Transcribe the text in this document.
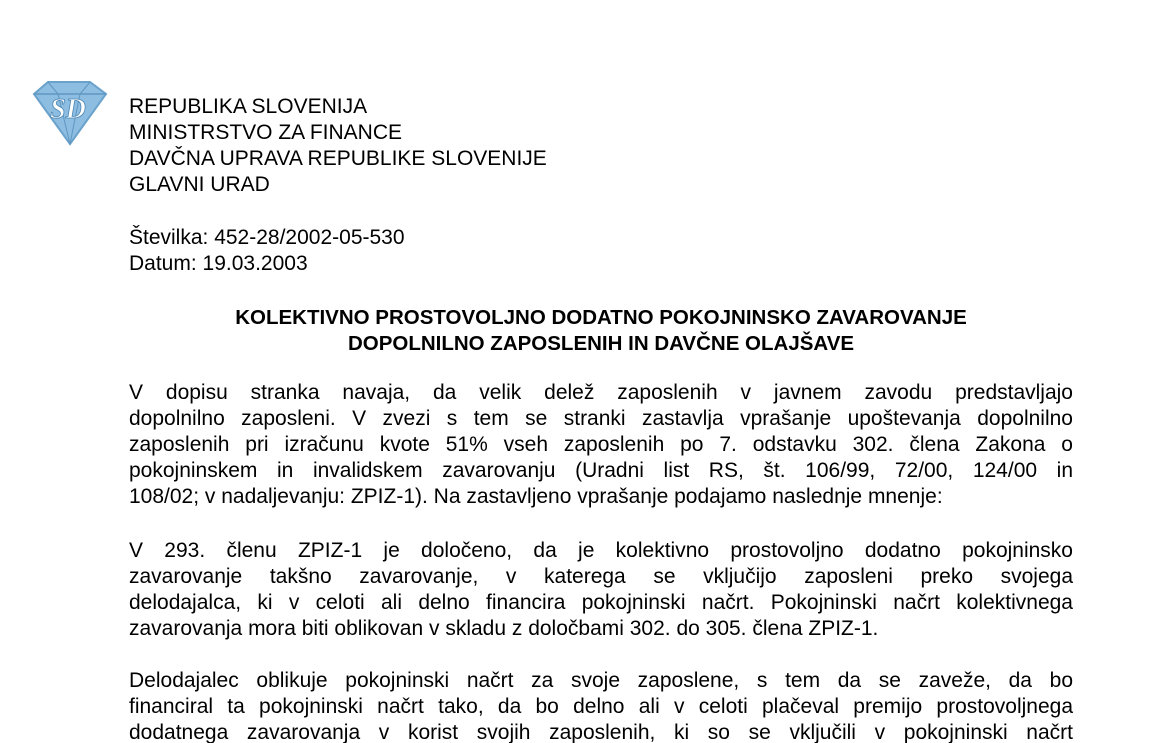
SD REPUBLIKA SLOVENIJA
MINISTRSTVO ZA FINANCE
DAVČNA UPRAVA REPUBLIKE SLOVENIJE
GLAVNI URAD
Številka: 452-28/2002-05-530
Datum: 19.03.2003
KOLEKTIVNO PROSTOVOLJNO DODATNO POKOJNINSKO ZAVAROVANJE
DOPOLNILNO ZAPOSLENIH IN DAVČNE OLAJŠAVE
V dopisu stranka navaja, da velik delež zaposlenih v javnem zavodu predstavljajo
dopolnilno zaposleni. V zvezi s tem se stranki zastavlja vprašanje upoštevanja dopolnilno
zaposlenih pri izračunu kvote 51% vseh zaposlenih po 7. odstavku 302. člena Zakona o
pokojninskem in invalidskem zavarovanju (Uradni list RS, št. 106/99, 72/00, 124/00 in
108/02; v nadaljevanju: ZPIZ-1). Na zastavljeno vprašanje podajamo naslednje mnenje:
V 293. členu ZPIZ-1 je določeno, da je kolektivno prostovoljno dodatno pokojninsko
zavarovanje takšno zavarovanje, v katerega se vključijo zaposleni preko svojega
delodajalca, ki v celoti ali delno financira pokojninski načrt. Pokojninski načrt kolektivnega
zavarovanja mora biti oblikovan v skladu z določbami 302. do 305. člena ZPIZ-1.
Delodajalec oblikuje pokojninski načrt za svoje zaposlene, s tem da se zaveže, da bo
financiral ta pokojninski načrt tako, da bo delno ali v celoti plačeval premijo prostovoljnega
dodatnega zavarovanja v korist svojih zaposlenih, ki so se vključili v pokojninski načrt
